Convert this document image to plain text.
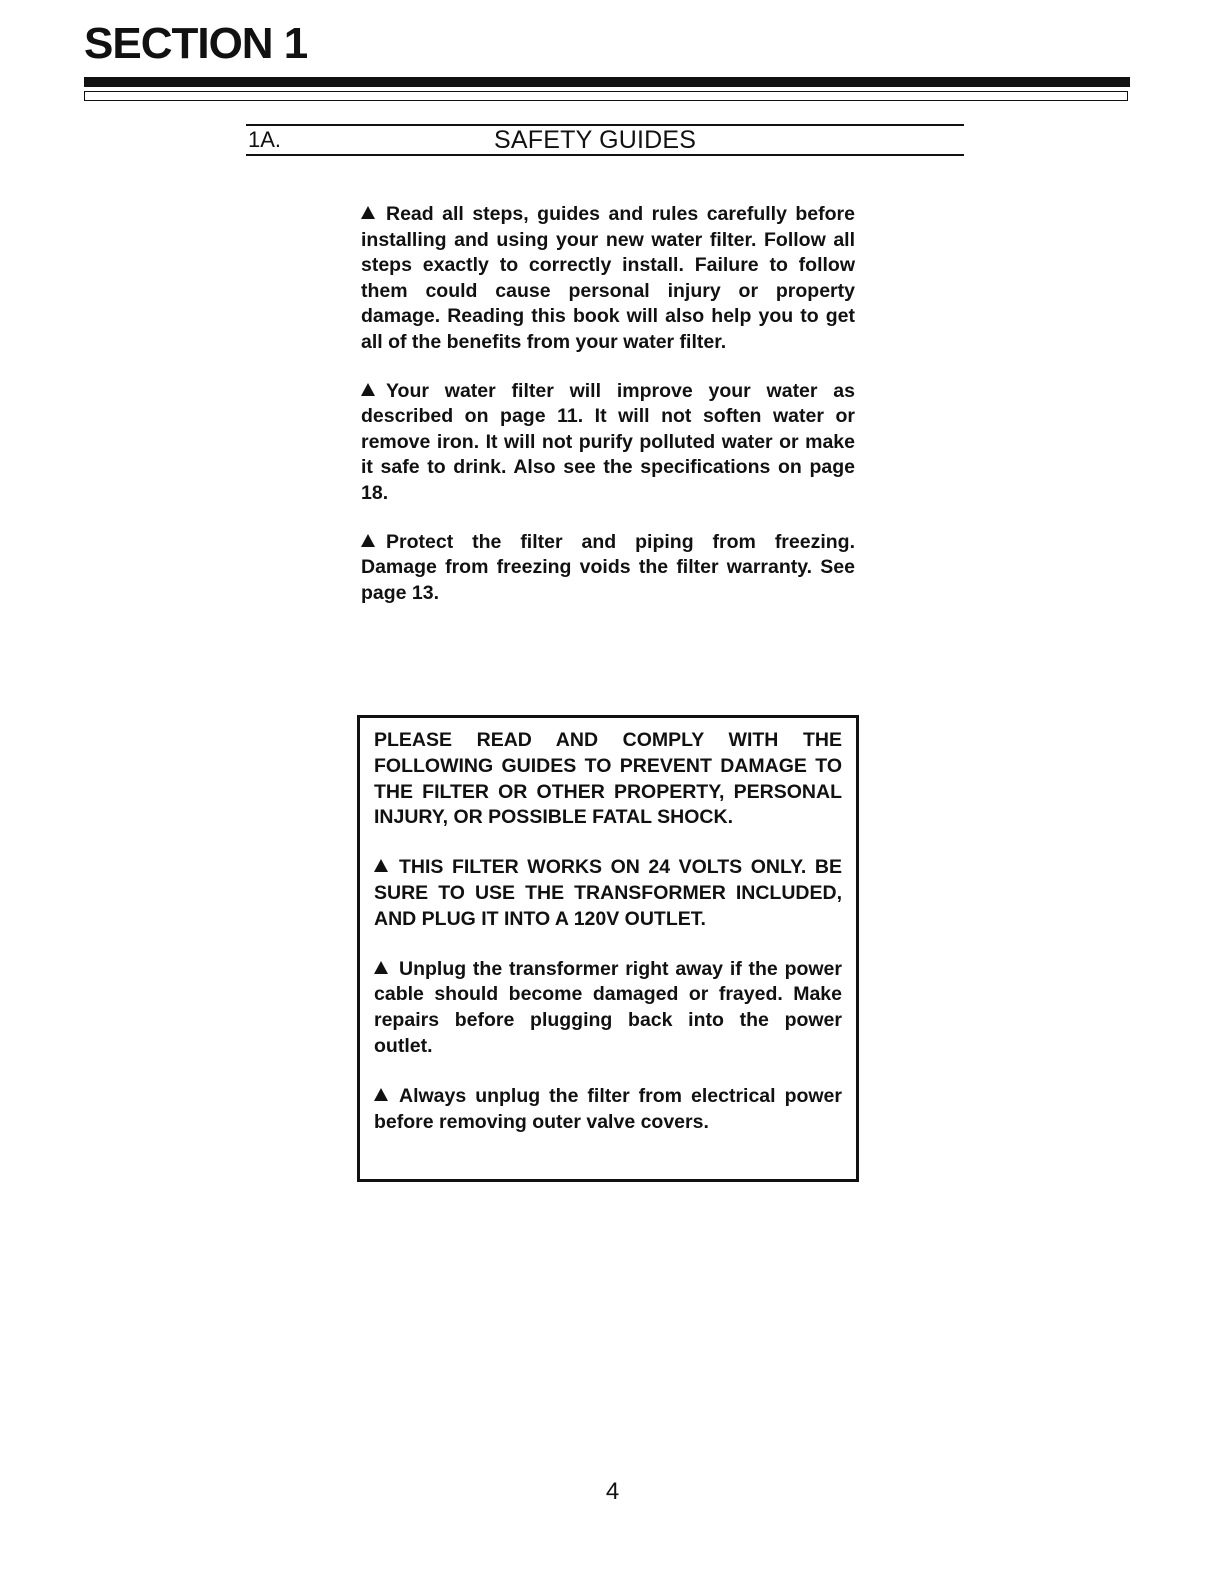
SECTION 1
1A.	SAFETY GUIDES

Read all steps, guides and rules carefully before installing and using your new water filter. Follow all steps exactly to correctly install. Failure to follow them could cause personal injury or property damage. Reading this book will also help you to get all of the benefits from your water filter.

Your water filter will improve your water as described on page 11. It will not soften water or remove iron. It will not purify polluted water or make it safe to drink. Also see the specifications on page 18.

Protect the filter and piping from freezing. Damage from freezing voids the filter warranty. See page 13.

PLEASE READ AND COMPLY WITH THE FOLLOWING GUIDES TO PREVENT DAMAGE TO THE FILTER OR OTHER PROPERTY, PERSONAL INJURY, OR POSSIBLE FATAL SHOCK.

THIS FILTER WORKS ON 24 VOLTS ONLY. BE SURE TO USE THE TRANSFORMER INCLUDED, AND PLUG IT INTO A 120V OUTLET.

Unplug the transformer right away if the power cable should become damaged or frayed. Make repairs before plugging back into the power outlet.

Always unplug the filter from electrical power before removing outer valve covers.

4
